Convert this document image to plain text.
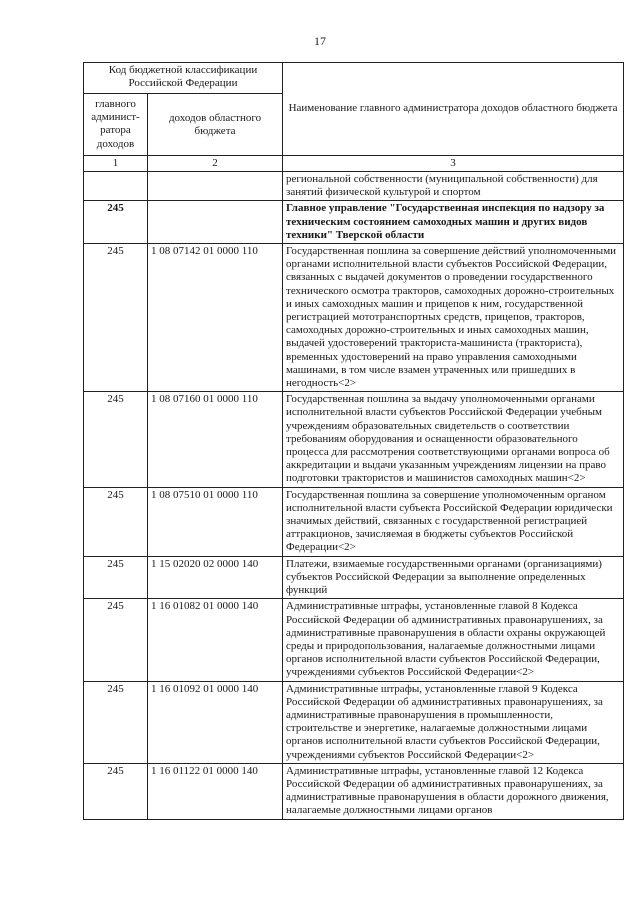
17
Код бюджетной классификации Российской Федерации		Наименование главного администратора доходов областного бюджета
главного
админист-
ратора
доходов	доходов областного бюджета	
1	2	3
		региональной собственности (муниципальной собственности) для занятий физической культурой и спортом
245		Главное управление "Государственная инспекция по надзору за техническим состоянием самоходных машин и других видов техники" Тверской области
245	1 08 07142 01 0000 110	Государственная пошлина за совершение действий уполномоченными органами исполнительной власти субъектов Российской Федерации, связанных с выдачей документов о проведении государственного технического осмотра тракторов, самоходных дорожно-строительных и иных самоходных машин и прицепов к ним, государственной регистрацией мототранспортных средств, прицепов, тракторов, самоходных дорожно-строительных и иных самоходных машин, выдачей удостоверений тракториста-машиниста (тракториста), временных удостоверений на право управления самоходными машинами, в том числе взамен утраченных или пришедших в негодность<2>
245	1 08 07160 01 0000 110	Государственная пошлина за выдачу уполномоченными органами исполнительной власти субъектов Российской Федерации учебным учреждениям образовательных свидетельств о соответствии требованиям оборудования и оснащенности образовательного процесса для рассмотрения соответствующими органами вопроса об аккредитации и выдачи указанным учреждениям лицензии на право подготовки трактористов и машинистов самоходных машин<2>
245	1 08 07510 01 0000 110	Государственная пошлина за совершение уполномоченным органом исполнительной власти субъекта Российской Федерации юридически значимых действий, связанных с государственной регистрацией аттракционов, зачисляемая в бюджеты субъектов Российской Федерации<2>
245	1 15 02020 02 0000 140	Платежи, взимаемые государственными органами (организациями) субъектов Российской Федерации за выполнение определенных функций
245	1 16 01082 01 0000 140	Административные штрафы, установленные главой 8 Кодекса Российской Федерации об административных правонарушениях, за административные правонарушения в области охраны окружающей среды и природопользования, налагаемые должностными лицами органов исполнительной власти субъектов Российской Федерации, учреждениями субъектов Российской Федерации<2>
245	1 16 01092 01 0000 140	Административные штрафы, установленные главой 9 Кодекса Российской Федерации об административных правонарушениях, за административные правонарушения в промышленности, строительстве и энергетике, налагаемые должностными лицами органов исполнительной власти субъектов Российской Федерации, учреждениями субъектов Российской Федерации<2>
245	1 16 01122 01 0000 140	Административные штрафы, установленные главой 12 Кодекса Российской Федерации об административных правонарушениях, за административные правонарушения в области дорожного движения, налагаемые должностными лицами органов
